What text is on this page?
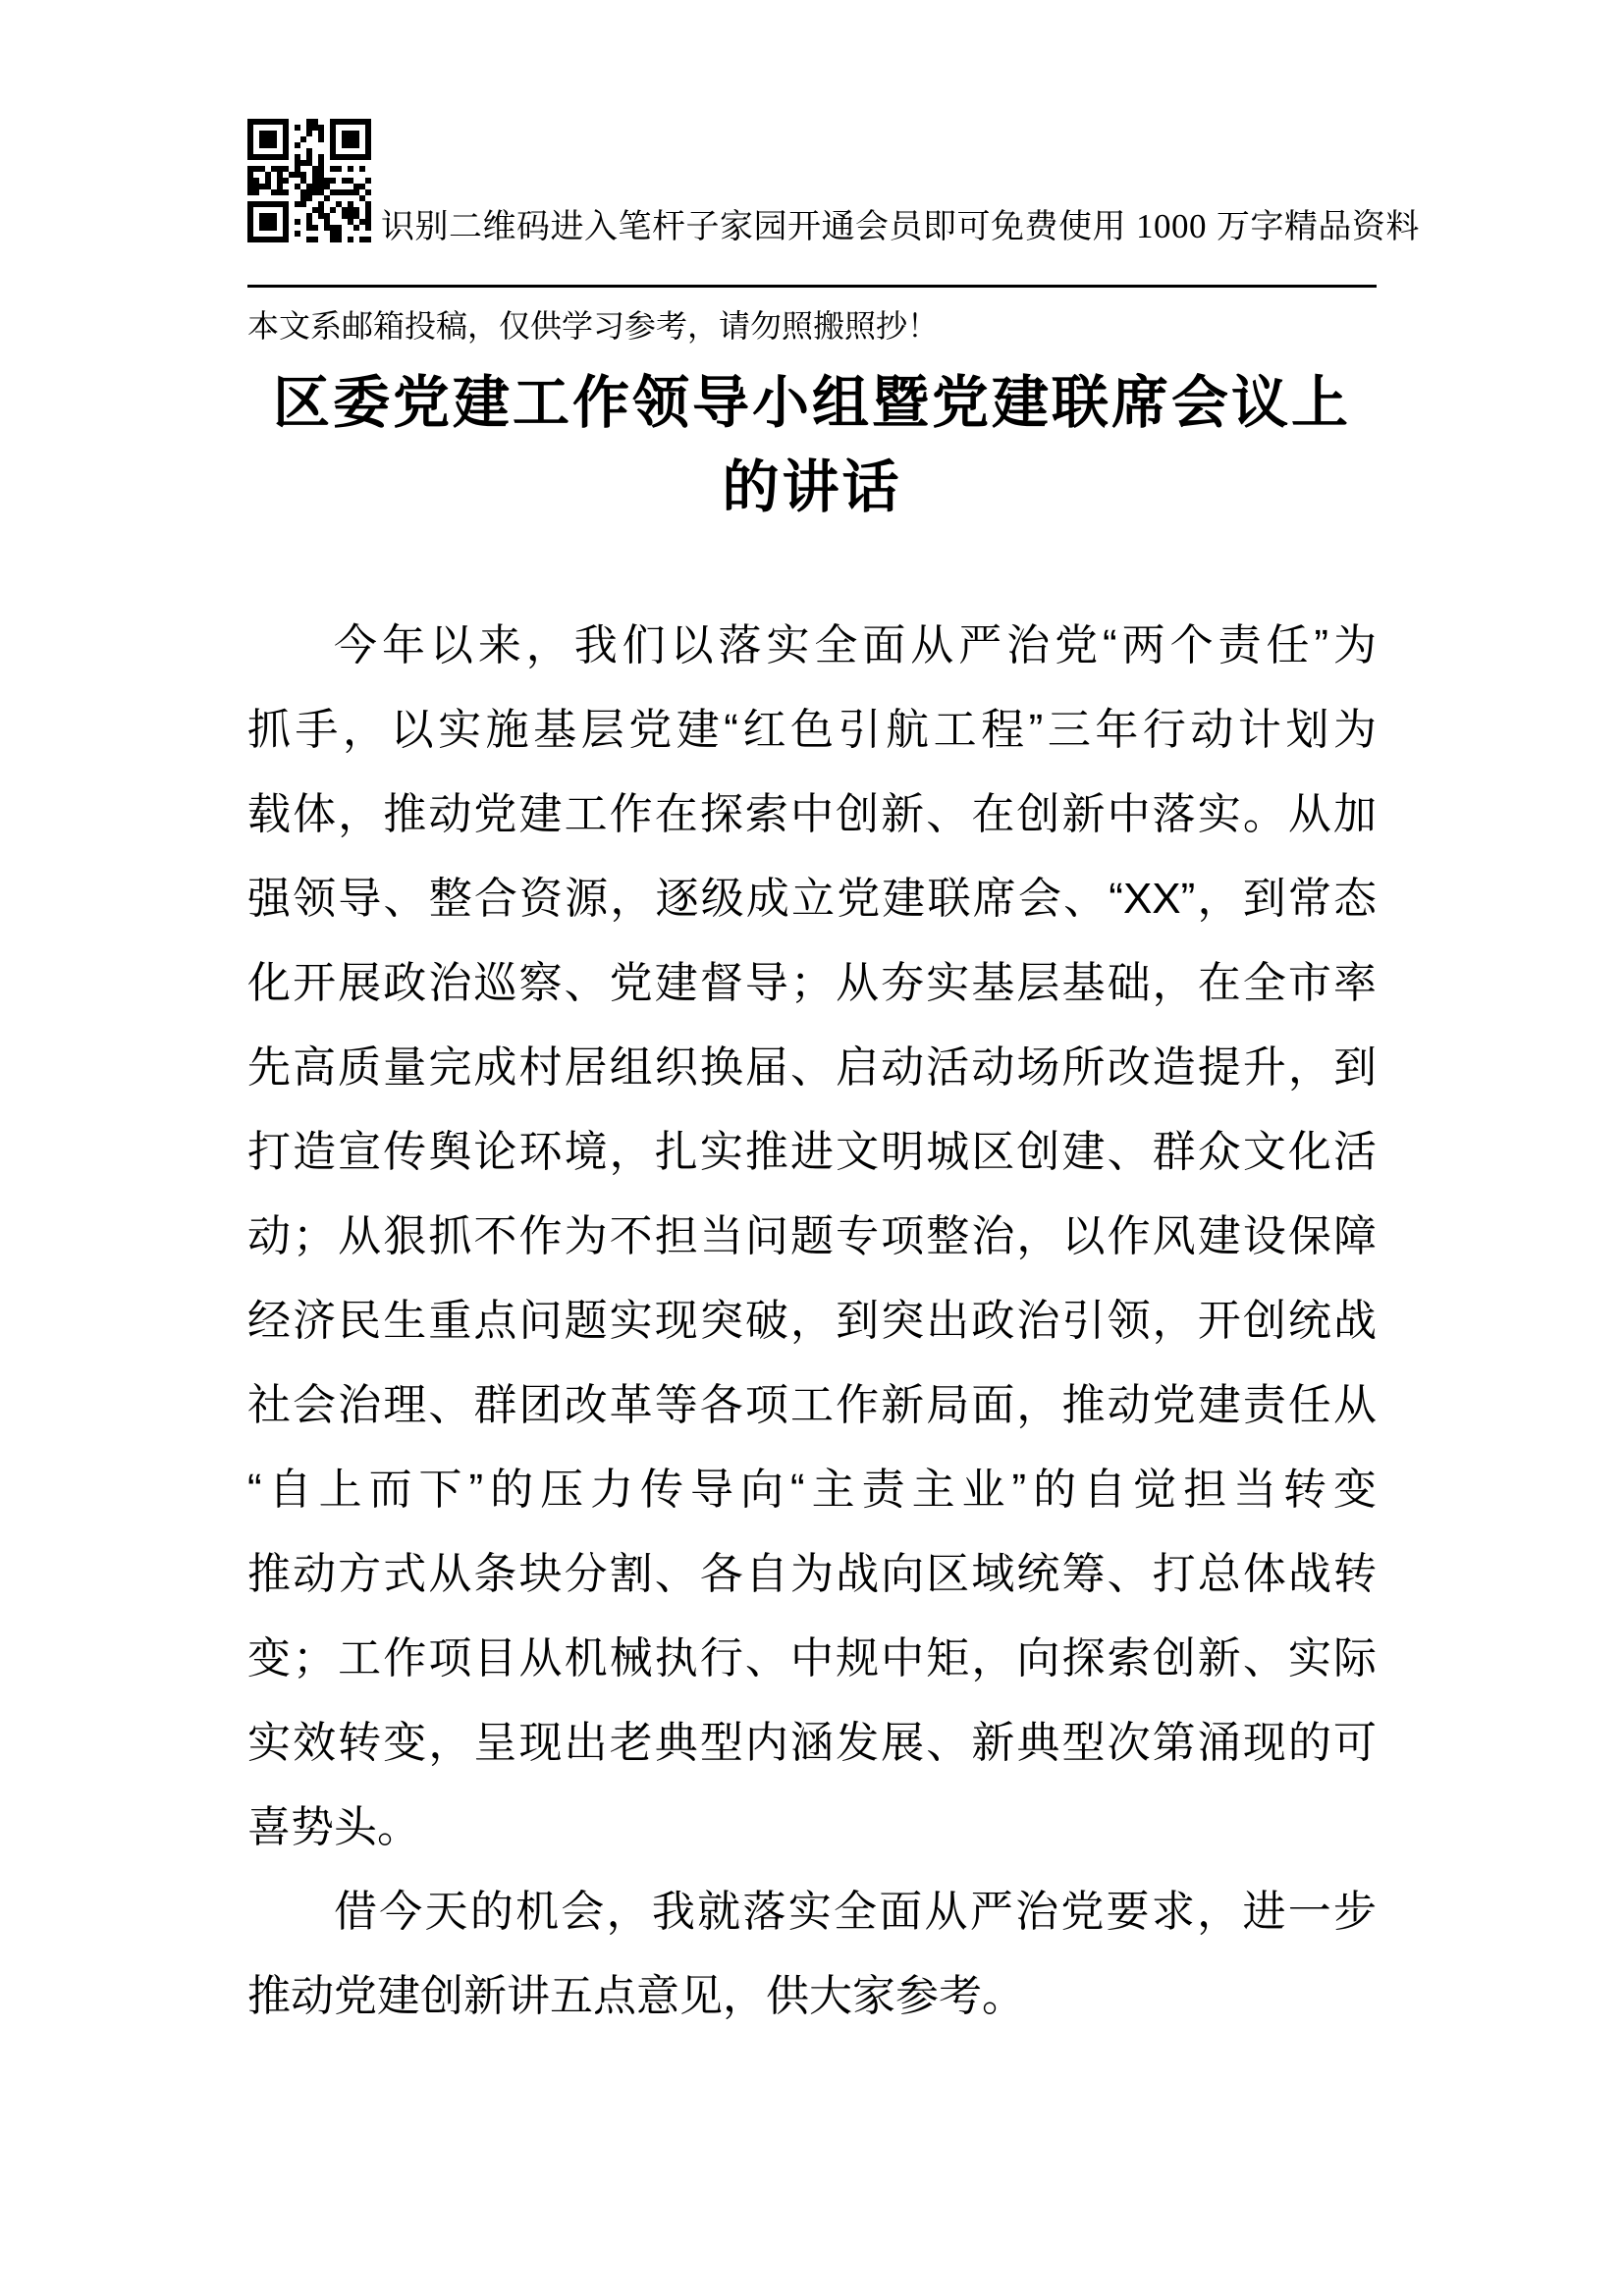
识别二维码进入笔杆子家园开通会员即可免费使用 1000 万字精品资料
本文系邮箱投稿，仅供学习参考，请勿照搬照抄！
区委党建工作领导小组暨党建联席会议上
的讲话
今年以来，我们以落实全面从严治党“两个责任”为
抓手，以实施基层党建“红色引航工程”三年行动计划为
载体，推动党建工作在探索中创新、在创新中落实。从加
强领导、整合资源，逐级成立党建联席会、“XX”，到常态
化开展政治巡察、党建督导；从夯实基层基础，在全市率
先高质量完成村居组织换届、启动活动场所改造提升，到
打造宣传舆论环境，扎实推进文明城区创建、群众文化活
动；从狠抓不作为不担当问题专项整治，以作风建设保障
经济民生重点问题实现突破，到突出政治引领，开创统战
社会治理、群团改革等各项工作新局面，推动党建责任从
“自上而下”的压力传导向“主责主业”的自觉担当转变
推动方式从条块分割、各自为战向区域统筹、打总体战转
变；工作项目从机械执行、中规中矩，向探索创新、实际
实效转变，呈现出老典型内涵发展、新典型次第涌现的可
喜势头。
借今天的机会，我就落实全面从严治党要求，进一步
推动党建创新讲五点意见，供大家参考。
